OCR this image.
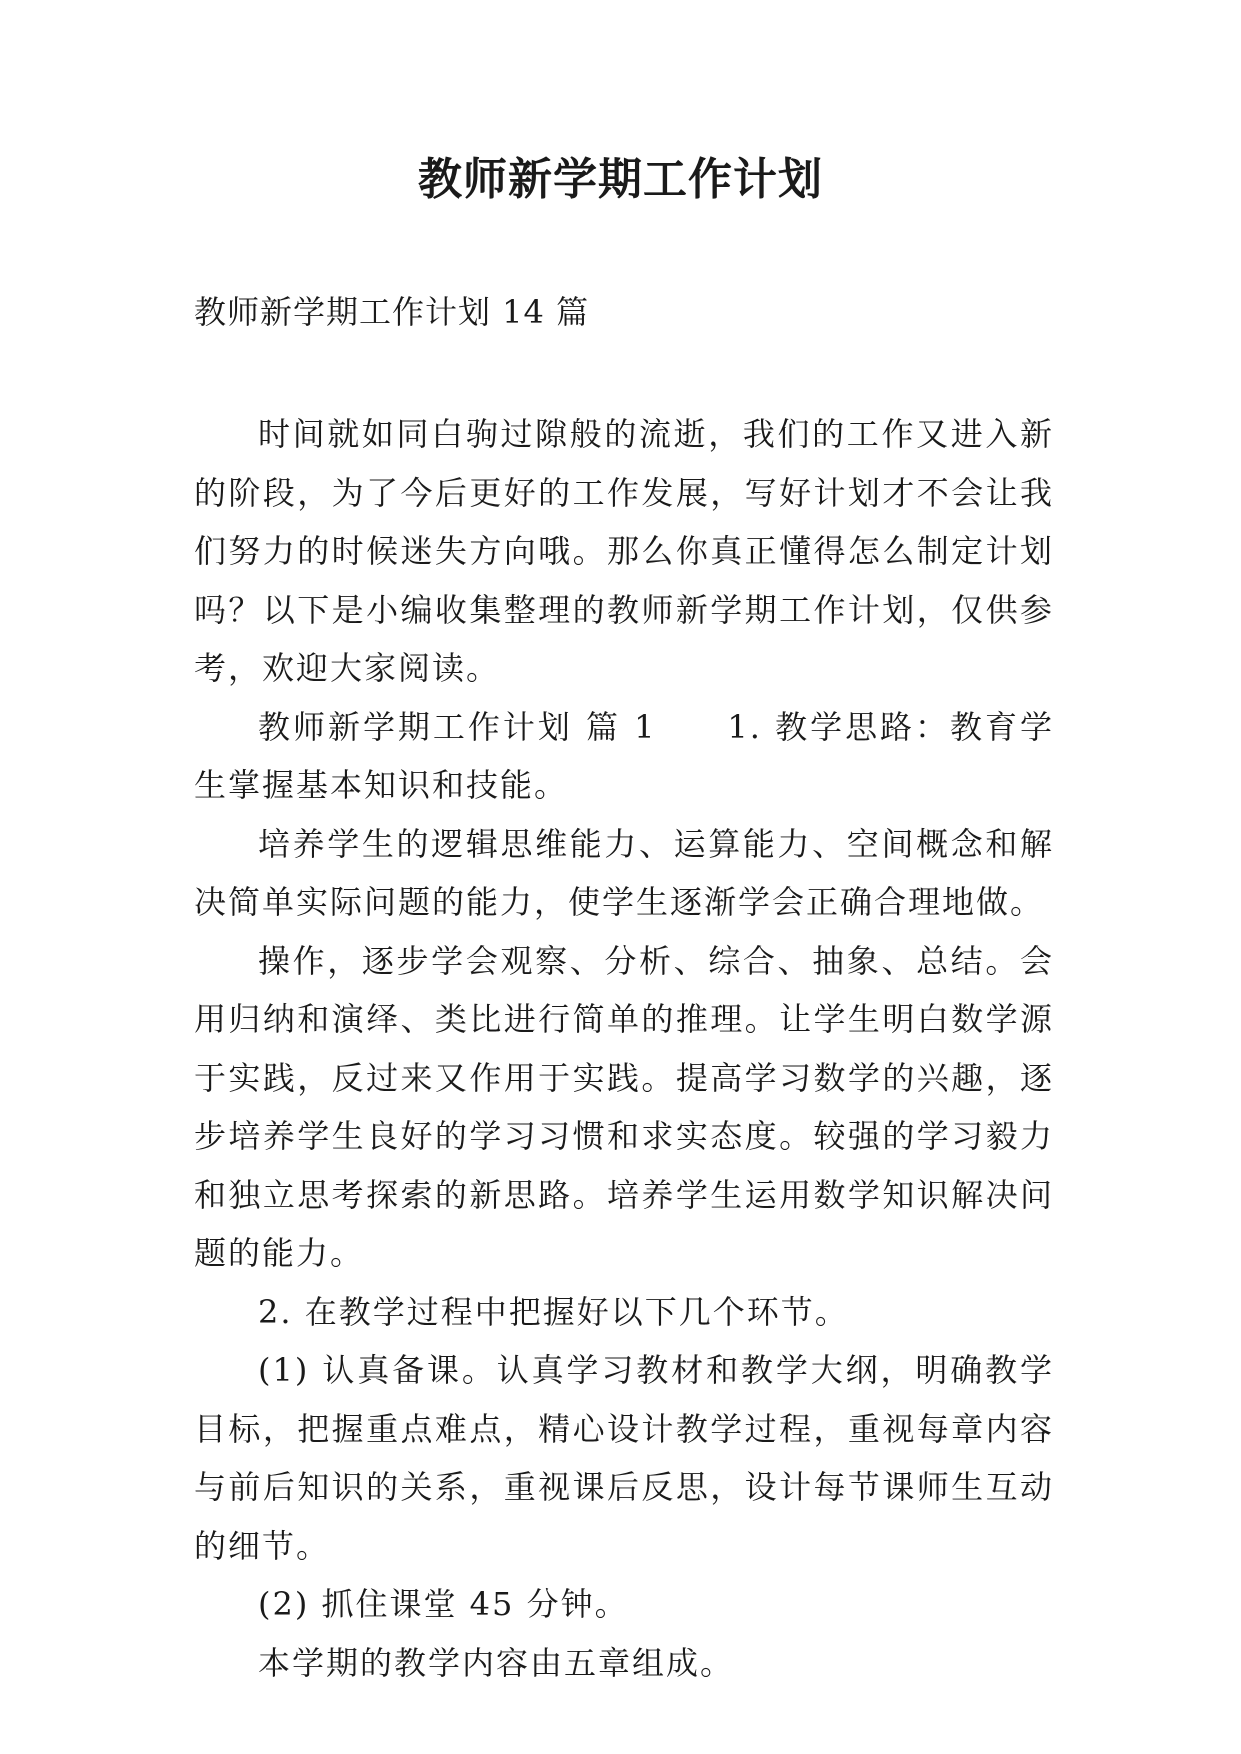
教师新学期工作计划

教师新学期工作计划 14 篇

时间就如同白驹过隙般的流逝，我们的工作又进入新的阶段，为了今后更好的工作发展，写好计划才不会让我们努力的时候迷失方向哦。那么你真正懂得怎么制定计划吗？以下是小编收集整理的教师新学期工作计划，仅供参考，欢迎大家阅读。

教师新学期工作计划 篇 1　　1. 教学思路：教育学生掌握基本知识和技能。

培养学生的逻辑思维能力、运算能力、空间概念和解决简单实际问题的能力，使学生逐渐学会正确合理地做。

操作，逐步学会观察、分析、综合、抽象、总结。会用归纳和演绎、类比进行简单的推理。让学生明白数学源于实践，反过来又作用于实践。提高学习数学的兴趣，逐步培养学生良好的学习习惯和求实态度。较强的学习毅力和独立思考探索的新思路。培养学生运用数学知识解决问题的能力。

2. 在教学过程中把握好以下几个环节。

(1) 认真备课。认真学习教材和教学大纲，明确教学目标，把握重点难点，精心设计教学过程，重视每章内容与前后知识的关系，重视课后反思，设计每节课师生互动的细节。

(2) 抓住课堂 45 分钟。

本学期的教学内容由五章组成。
